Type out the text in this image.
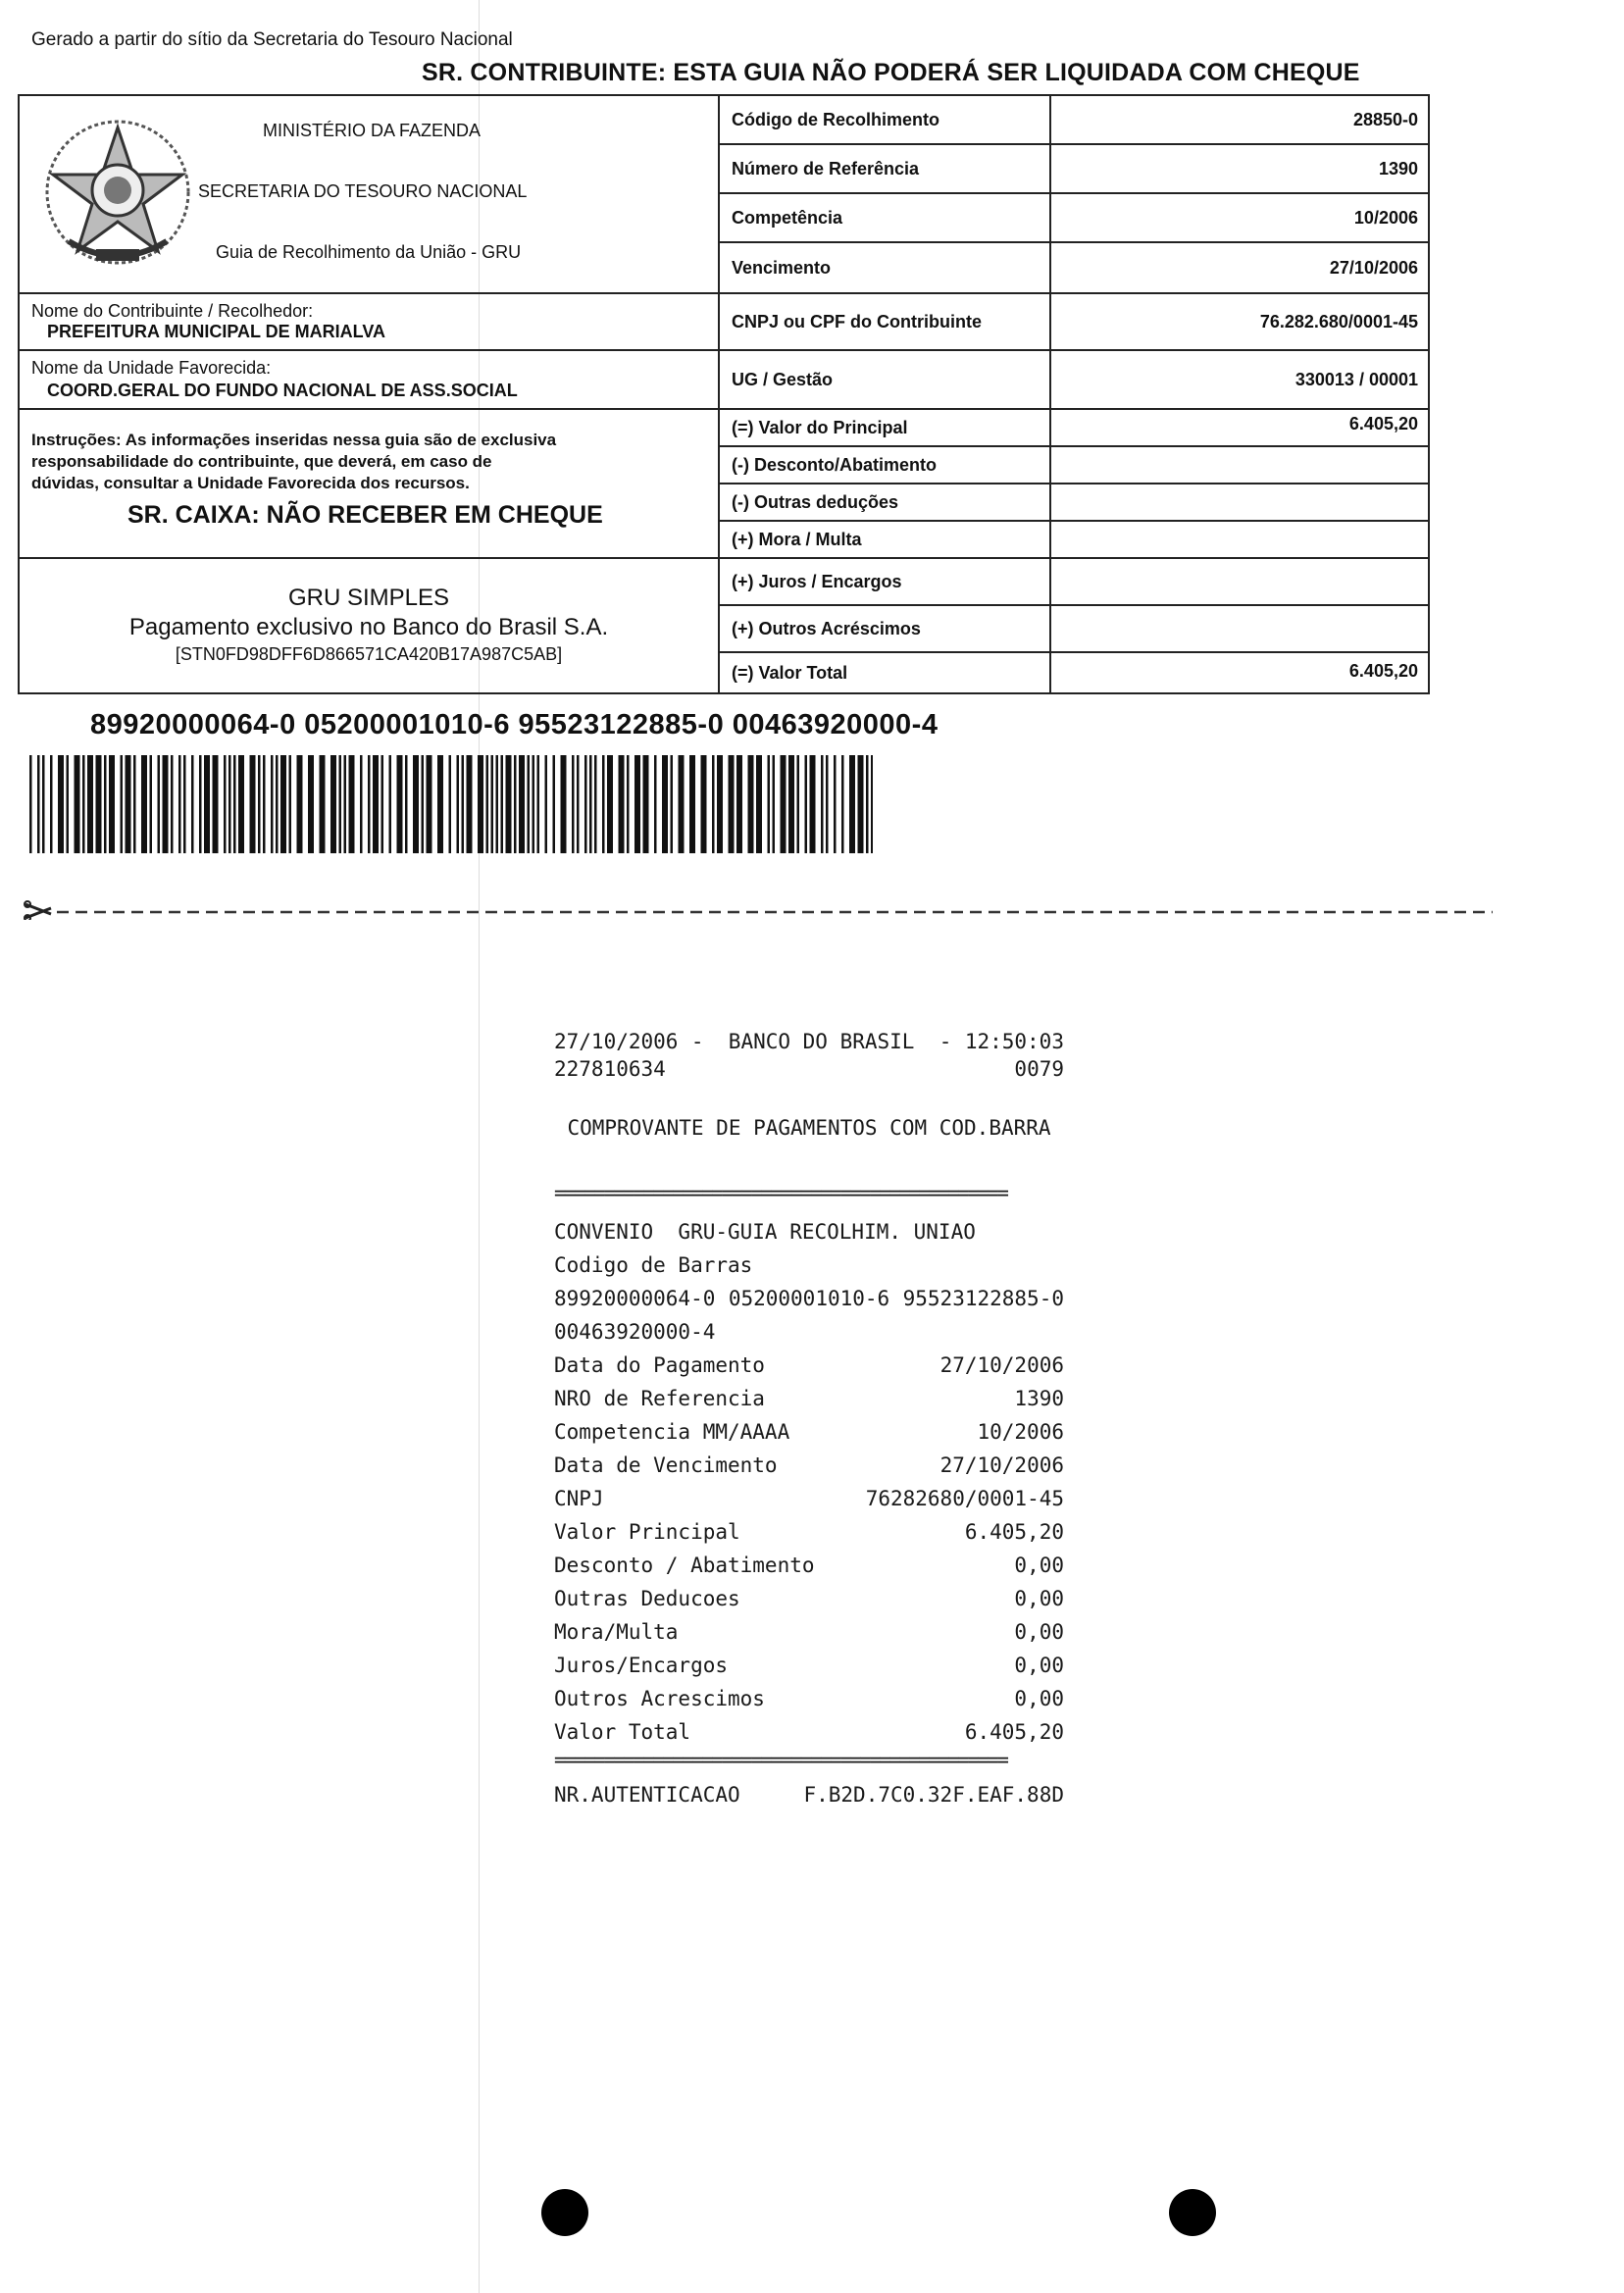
Gerado a partir do sítio da Secretaria do Tesouro Nacional
SR. CONTRIBUINTE: ESTA GUIA NÃO PODERÁ SER LIQUIDADA COM CHEQUE
MINISTÉRIO DA FAZENDA
SECRETARIA DO TESOURO NACIONAL
Guia de Recolhimento da União - GRU
Nome do Contribuinte / Recolhedor:
PREFEITURA MUNICIPAL DE MARIALVA
Nome da Unidade Favorecida:
COORD.GERAL DO FUNDO NACIONAL DE ASS.SOCIAL
Instruções: As informações inseridas nessa guia são de exclusiva
responsabilidade do contribuinte, que deverá, em caso de
dúvidas, consultar a Unidade Favorecida dos recursos.
SR. CAIXA: NÃO RECEBER EM CHEQUE
GRU SIMPLES
Pagamento exclusivo no Banco do Brasil S.A.
[STN0FD98DFF6D866571CA420B17A987C5AB]
Código de Recolhimento	28850-0
Número de Referência	1390
Competência	10/2006
Vencimento	27/10/2006
CNPJ ou CPF do Contribuinte	76.282.680/0001-45
UG / Gestão	330013 / 00001
(=) Valor do Principal	6.405,20
(-) Desconto/Abatimento
(-) Outras deduções
(+) Mora / Multa
(+) Juros / Encargos
(+) Outros Acréscimos
(=) Valor Total	6.405,20
89920000064-0 05200001010-6 95523122885-0 00463920000-4
27/10/2006 -  BANCO DO BRASIL  - 12:50:03
227810634	0079
COMPROVANTE DE PAGAMENTOS COM COD.BARRA
==============================================
CONVENIO  GRU-GUIA RECOLHIM. UNIAO
Codigo de Barras
89920000064-0 05200001010-6 95523122885-0
00463920000-4
Data do Pagamento	27/10/2006
NRO de Referencia	1390
Competencia MM/AAAA	10/2006
Data de Vencimento	27/10/2006
CNPJ	76282680/0001-45
Valor Principal	6.405,20
Desconto / Abatimento	0,00
Outras Deducoes	0,00
Mora/Multa	0,00
Juros/Encargos	0,00
Outros Acrescimos	0,00
Valor Total	6.405,20
==============================================
NR.AUTENTICACAO	F.B2D.7C0.32F.EAF.88D
